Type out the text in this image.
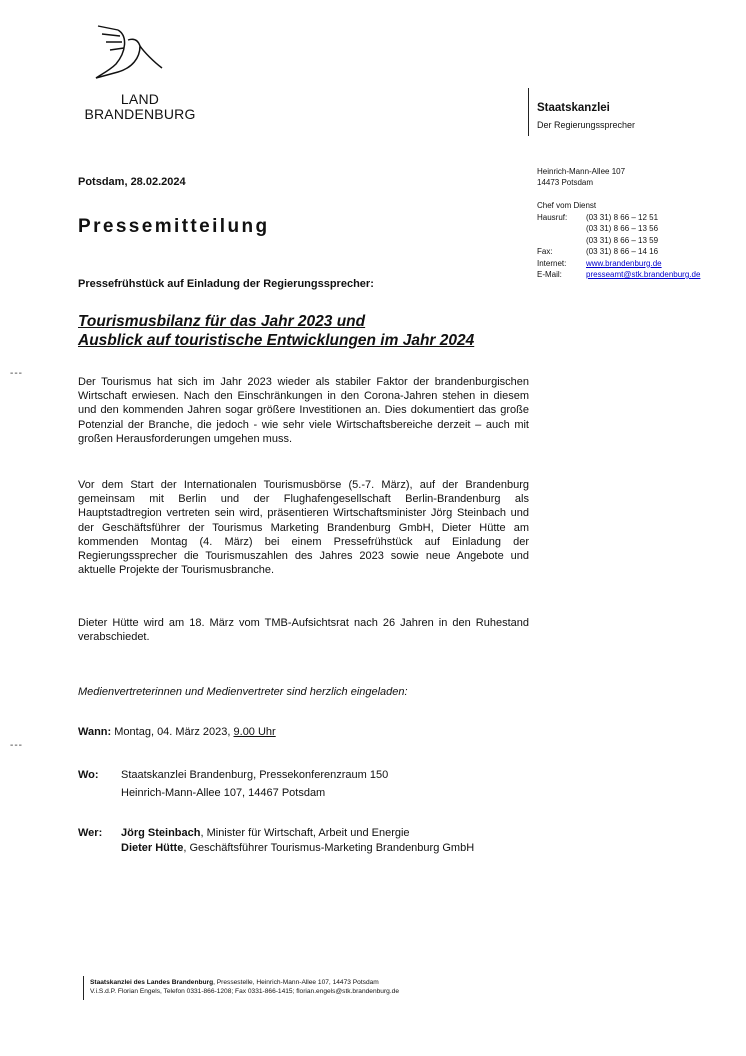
LAND
BRANDENBURG	Staatskanzlei
Der Regierungssprecher
Heinrich-Mann-Allee 107
14473 Potsdam
Chef vom Dienst
Hausruf:	(03 31) 8 66 – 12 51
(03 31) 8 66 – 13 56
(03 31) 8 66 – 13 59
Fax:	(03 31) 8 66 – 14 16
Internet:	www.brandenburg.de
E-Mail:	presseamt@stk.brandenburg.de
Potsdam, 28.02.2024
Pressemitteilung
Pressefrühstück auf Einladung der Regierungssprecher:
Tourismusbilanz für das Jahr 2023 und
Ausblick auf touristische Entwicklungen im Jahr 2024
---
---
Der Tourismus hat sich im Jahr 2023 wieder als stabiler Faktor der brandenburgischen Wirtschaft erwiesen. Nach den Einschränkungen in den Corona-Jahren stehen in diesem und den kommenden Jahren sogar größere Investitionen an. Dies dokumentiert das große Potenzial der Branche, die jedoch - wie sehr viele Wirtschaftsbereiche derzeit – auch mit großen Herausforderungen umgehen muss.
Vor dem Start der Internationalen Tourismusbörse (5.-7. März), auf der Brandenburg gemeinsam mit Berlin und der Flughafengesellschaft Berlin-Brandenburg als Hauptstadtregion vertreten sein wird, präsentieren Wirtschaftsminister Jörg Steinbach und der Geschäftsführer der Tourismus Marketing Brandenburg GmbH, Dieter Hütte am kommenden Montag (4. März) bei einem Pressefrühstück auf Einladung der Regierungssprecher die Tourismuszahlen des Jahres 2023 sowie neue Angebote und aktuelle Projekte der Tourismusbranche.
Dieter Hütte wird am 18. März vom TMB-Aufsichtsrat nach 26 Jahren in den Ruhestand verabschiedet.
Medienvertreterinnen und Medienvertreter sind herzlich eingeladen:
Wann: Montag, 04. März 2023, 9.00 Uhr
Wo: Staatskanzlei Brandenburg, Pressekonferenzraum 150
Heinrich-Mann-Allee 107, 14467 Potsdam
Wer: Jörg Steinbach, Minister für Wirtschaft, Arbeit und Energie
Dieter Hütte, Geschäftsführer Tourismus-Marketing Brandenburg GmbH
Staatskanzlei des Landes Brandenburg, Pressestelle, Heinrich-Mann-Allee 107, 14473 Potsdam
V.i.S.d.P. Florian Engels, Telefon 0331-866-1208; Fax 0331-866-1415; florian.engels@stk.brandenburg.de
